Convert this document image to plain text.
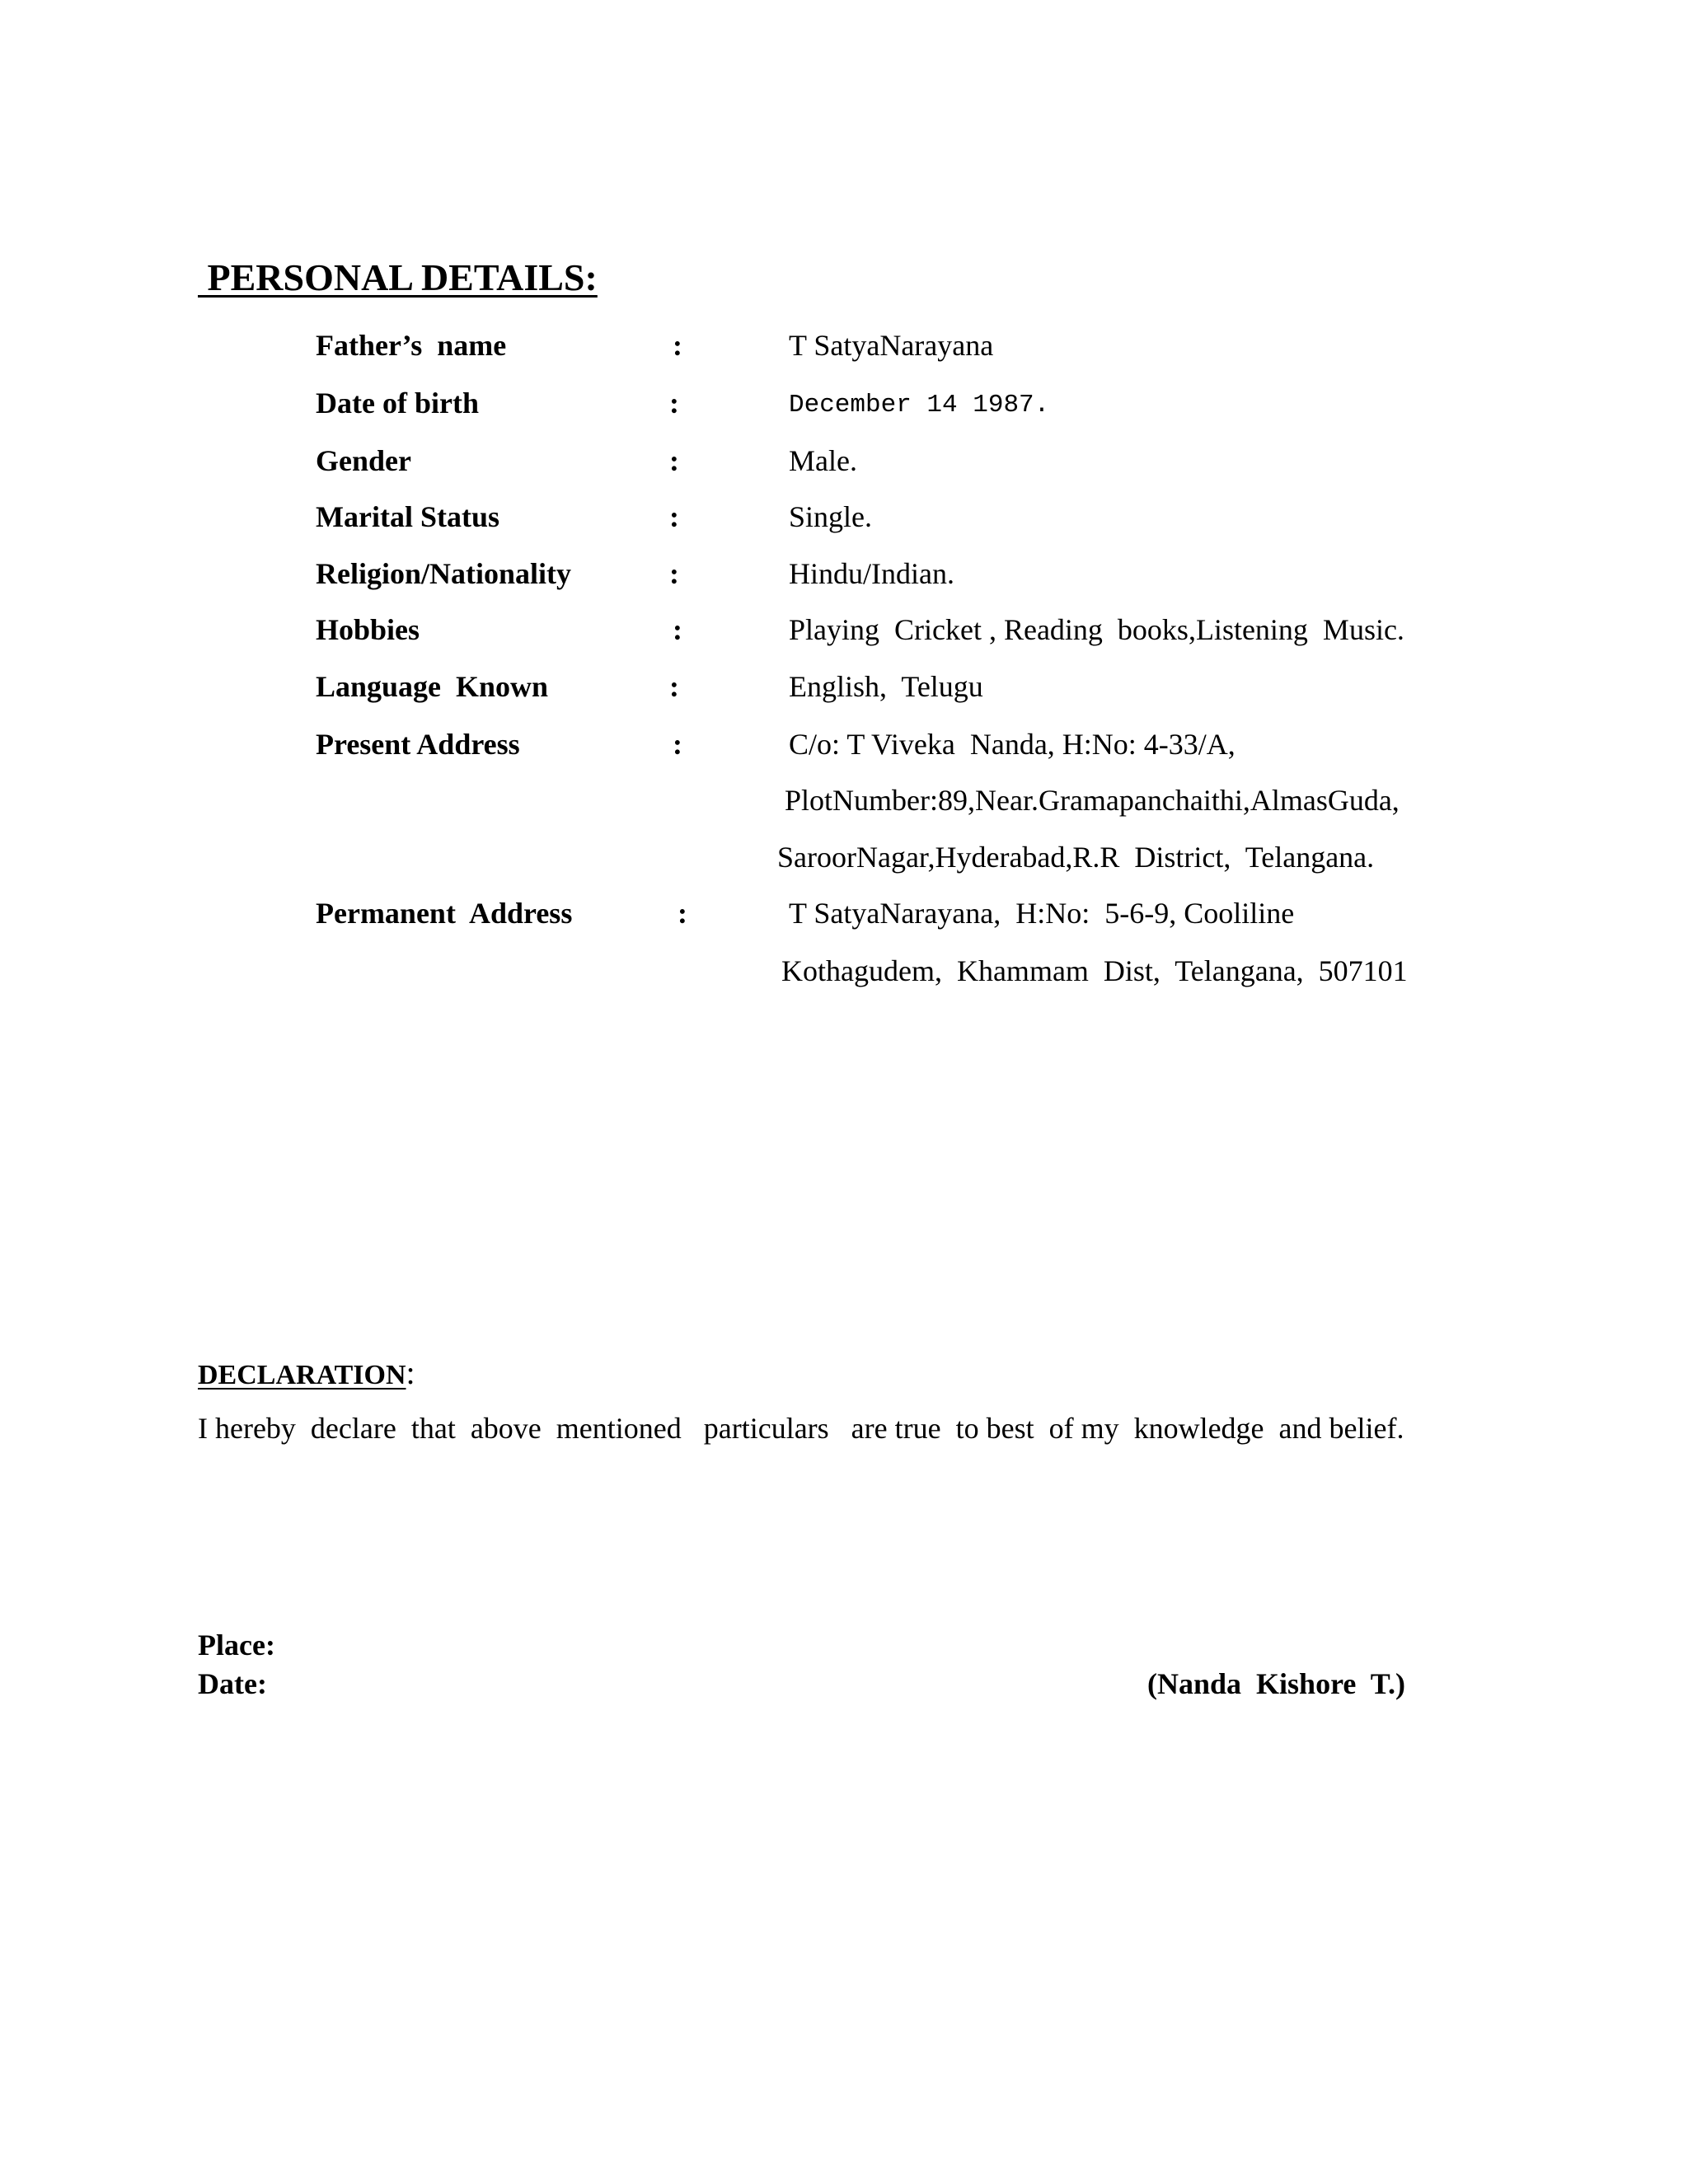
PERSONAL DETAILS:
Father’s  name	:	T SatyaNarayana
Date of birth	:	December 14 1987.
Gender	:	Male.
Marital Status	:	Single.
Religion/Nationality	:	Hindu/Indian.
Hobbies	:	Playing  Cricket , Reading  books,Listening  Music.
Language  Known	:	English,  Telugu
Present Address	:	C/o: T Viveka  Nanda, H:No: 4-33/A,
PlotNumber:89,Near.Gramapanchaithi,AlmasGuda,
SaroorNagar,Hyderabad,R.R  District,  Telangana.
Permanent  Address	:	T SatyaNarayana,  H:No:  5-6-9, Cooliline
Kothagudem,  Khammam  Dist,  Telangana,  507101
DECLARATION:
I hereby  declare  that  above  mentioned   particulars   are true  to best  of my  knowledge  and belief.
Place:
Date:	(Nanda  Kishore  T.)
